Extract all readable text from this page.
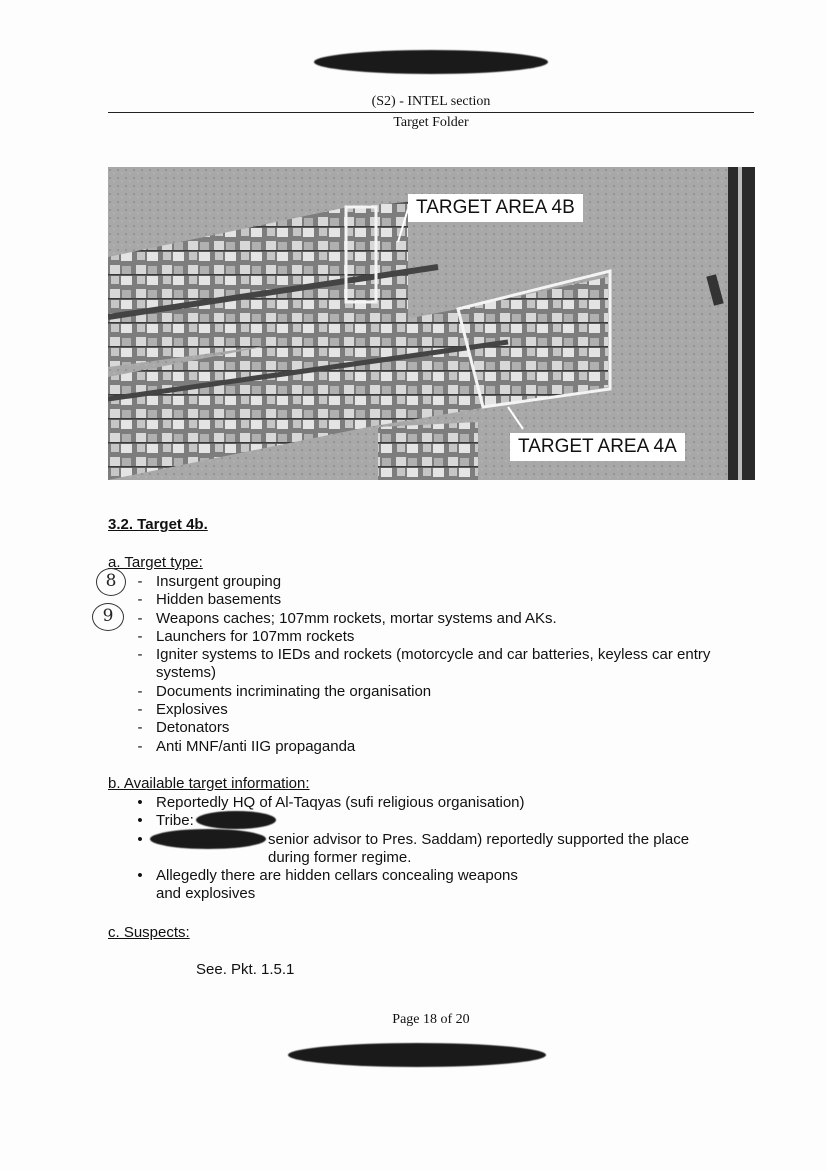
(S2) - INTEL section
Target Folder
TARGET AREA 4B
TARGET AREA 4A
3.2. Target 4b.
a. Target type:
8
9
- Insurgent grouping
- Hidden basements
- Weapons caches; 107mm rockets, mortar systems and AKs.
- Launchers for 107mm rockets
- Igniter systems to IEDs and rockets (motorcycle and car batteries, keyless car entry systems)
- Documents incriminating the organisation
- Explosives
- Detonators
- Anti MNF/anti IIG propaganda
b. Available target information:
• Reportedly HQ of Al-Taqyas (sufi religious organisation)
• Tribe:
•	senior advisor to Pres. Saddam) reportedly supported the place during former regime.
• Allegedly there are hidden cellars concealing weapons and explosives
c. Suspects:
See. Pkt. 1.5.1
Page 18 of 20
